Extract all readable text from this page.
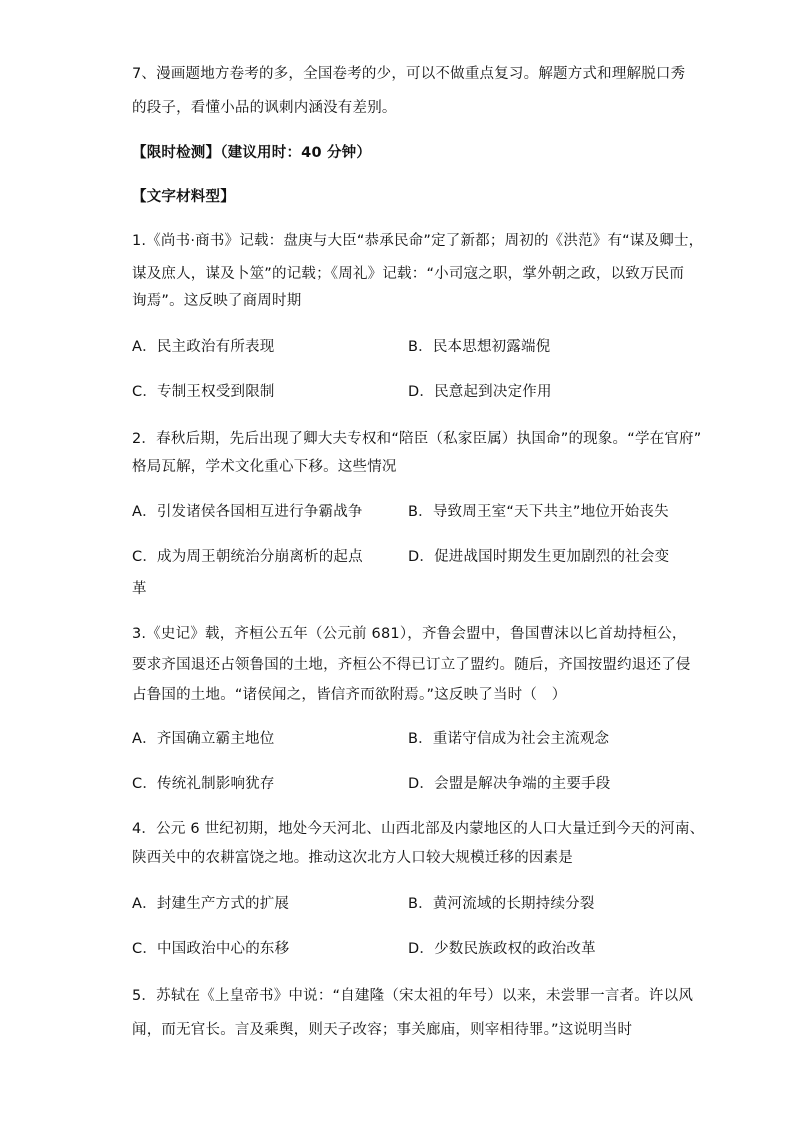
7、漫画题地方卷考的多，全国卷考的少，可以不做重点复习。解题方式和理解脱口秀
的段子，看懂小品的讽刺内涵没有差别。
【限时检测】（建议用时：40 分钟）
【文字材料型】
1.《尚书·商书》记载：盘庚与大臣“恭承民命”定了新都；周初的《洪范》有“谋及卿士，
谋及庶人，谋及卜筮”的记载；《周礼》记载：“小司寇之职，掌外朝之政，以致万民而
询焉”。这反映了商周时期
A．民主政治有所表现	B．民本思想初露端倪
C．专制王权受到限制	D．民意起到决定作用
2．春秋后期，先后出现了卿大夫专权和“陪臣（私家臣属）执国命”的现象。“学在官府”
格局瓦解，学术文化重心下移。这些情况
A．引发诸侯各国相互进行争霸战争	B．导致周王室“天下共主”地位开始丧失
C．成为周王朝统治分崩离析的起点	D．促进战国时期发生更加剧烈的社会变
革
3.《史记》载，齐桓公五年（公元前 681），齐鲁会盟中，鲁国曹沫以匕首劫持桓公，
要求齐国退还占领鲁国的土地，齐桓公不得已订立了盟约。随后，齐国按盟约退还了侵
占鲁国的土地。“诸侯闻之，皆信齐而欲附焉。”这反映了当时（　）
A．齐国确立霸主地位	B．重诺守信成为社会主流观念
C．传统礼制影响犹存	D．会盟是解决争端的主要手段
4．公元 6 世纪初期，地处今天河北、山西北部及内蒙地区的人口大量迁到今天的河南、
陕西关中的农耕富饶之地。推动这次北方人口较大规模迁移的因素是
A．封建生产方式的扩展	B．黄河流域的长期持续分裂
C．中国政治中心的东移	D．少数民族政权的政治改革
5．苏轼在《上皇帝书》中说：“自建隆（宋太祖的年号）以来，未尝罪一言者。许以风
闻，而无官长。言及乘舆，则天子改容；事关廊庙，则宰相待罪。”这说明当时
